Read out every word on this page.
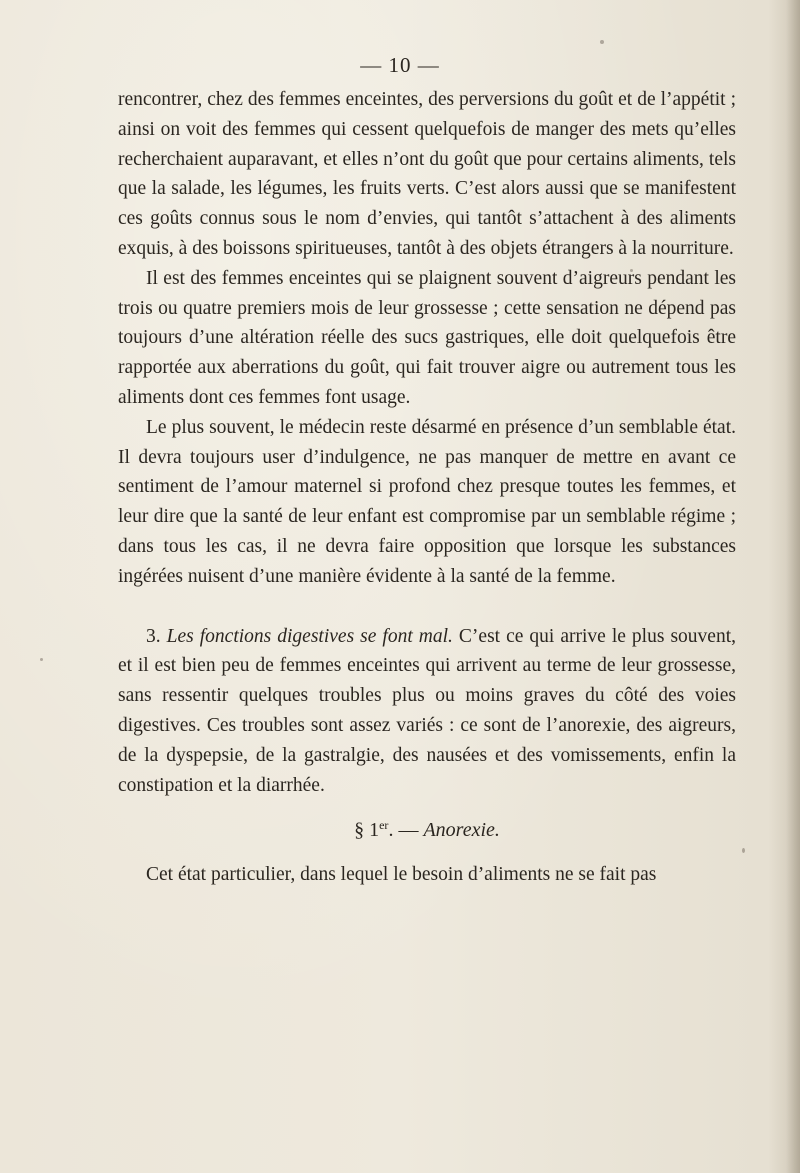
— 10 —

rencontrer, chez des femmes enceintes, des perversions du goût et de l’appétit ; ainsi on voit des femmes qui cessent quelquefois de manger des mets qu’elles recherchaient auparavant, et elles n’ont du goût que pour certains aliments, tels que la salade, les légumes, les fruits verts. C’est alors aussi que se manifestent ces goûts connus sous le nom d’envies, qui tantôt s’attachent à des aliments exquis, à des boissons spiritueuses, tantôt à des objets étrangers à la nourriture.

Il est des femmes enceintes qui se plaignent souvent d’aigreurs pendant les trois ou quatre premiers mois de leur grossesse ; cette sensation ne dépend pas toujours d’une altération réelle des sucs gastriques, elle doit quelquefois être rapportée aux aberrations du goût, qui fait trouver aigre ou autrement tous les aliments dont ces femmes font usage.

Le plus souvent, le médecin reste désarmé en présence d’un semblable état. Il devra toujours user d’indulgence, ne pas manquer de mettre en avant ce sentiment de l’amour maternel si profond chez presque toutes les femmes, et leur dire que la santé de leur enfant est compromise par un semblable régime ; dans tous les cas, il ne devra faire opposition que lorsque les substances ingérées nuisent d’une manière évidente à la santé de la femme.

3. Les fonctions digestives se font mal. C’est ce qui arrive le plus souvent, et il est bien peu de femmes enceintes qui arrivent au terme de leur grossesse, sans ressentir quelques troubles plus ou moins graves du côté des voies digestives. Ces troubles sont assez variés : ce sont de l’anorexie, des aigreurs, de la dyspepsie, de la gastralgie, des nausées et des vomissements, enfin la constipation et la diarrhée.

§ 1er. — Anorexie.

Cet état particulier, dans lequel le besoin d’aliments ne se fait pas
